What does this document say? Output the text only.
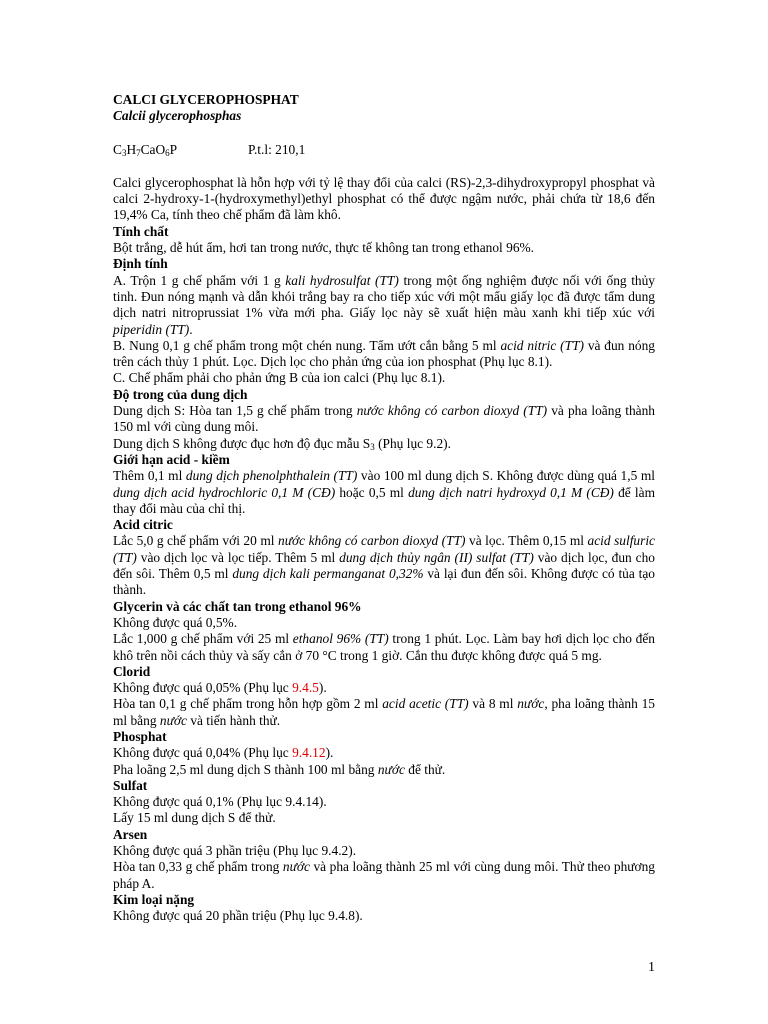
CALCI GLYCEROPHOSPHAT
Calcii glycerophosphas
$C_3H_7CaO_6P$	P.t.l: 210,1

Calci glycerophosphat là hỗn hợp với tỷ lệ thay đổi của calci (RS)-2,3-dihydroxypropyl phosphat và calci 2-hydroxy-1-(hydroxymethyl)ethyl phosphat có thể được ngậm nước, phải chứa từ 18,6 đến 19,4% Ca, tính theo chế phẩm đã làm khô.

Tính chất

Bột trắng, dễ hút ẩm, hơi tan trong nước, thực tế không tan trong ethanol 96%.

Định tính

A. Trộn 1 g chế phẩm với 1 g kali hydrosulfat (TT) trong một ống nghiệm được nối với ống thủy tinh. Đun nóng mạnh và dẫn khói trắng bay ra cho tiếp xúc với một mẩu giấy lọc đã được tẩm dung dịch natri nitroprussiat 1% vừa mới pha. Giấy lọc này sẽ xuất hiện màu xanh khi tiếp xúc với piperidin (TT).

B. Nung 0,1 g chế phẩm trong một chén nung. Tẩm ướt cắn bằng 5 ml acid nitric (TT) và đun nóng trên cách thủy 1 phút. Lọc. Dịch lọc cho phản ứng của ion phosphat (Phụ lục 8.1).

C. Chế phẩm phải cho phản ứng B của ion calci (Phụ lục 8.1).

Độ trong của dung dịch

Dung dịch S: Hòa tan 1,5 g chế phẩm trong nước không có carbon dioxyd (TT) và pha loãng thành 150 ml với cùng dung môi.

Dung dịch S không được đục hơn độ đục mẫu $S_3$ (Phụ lục 9.2).

Giới hạn acid - kiềm

Thêm 0,1 ml dung dịch phenolphthalein (TT) vào 100 ml dung dịch S. Không được dùng quá 1,5 ml dung dịch acid hydrochloric 0,1 M (CĐ) hoặc 0,5 ml dung dịch natri hydroxyd 0,1 M (CĐ) để làm thay đổi màu của chỉ thị.

Acid citric

Lắc 5,0 g chế phẩm với 20 ml nước không có carbon dioxyd (TT) và lọc. Thêm 0,15 ml acid sulfuric (TT) vào dịch lọc và lọc tiếp. Thêm 5 ml dung dịch thủy ngân (II) sulfat (TT) vào dịch lọc, đun cho đến sôi. Thêm 0,5 ml dung dịch kali permanganat 0,32% và lại đun đến sôi. Không được có tủa tạo thành.

Glycerin và các chất tan trong ethanol 96%

Không được quá 0,5%.

Lắc 1,000 g chế phẩm với 25 ml ethanol 96% (TT) trong 1 phút. Lọc. Làm bay hơi dịch lọc cho đến khô trên nồi cách thủy và sấy cắn ở 70 °C trong 1 giờ. Cắn thu được không được quá 5 mg.

Clorid

Không được quá 0,05% (Phụ lục 9.4.5).

Hòa tan 0,1 g chế phẩm trong hỗn hợp gồm 2 ml acid acetic (TT) và 8 ml nước, pha loãng thành 15 ml bằng nước và tiến hành thử.

Phosphat

Không được quá 0,04% (Phụ lục 9.4.12).

Pha loãng 2,5 ml dung dịch S thành 100 ml bằng nước để thử.

Sulfat

Không được quá 0,1% (Phụ lục 9.4.14).

Lấy 15 ml dung dịch S để thử.

Arsen

Không được quá 3 phần triệu (Phụ lục 9.4.2).

Hòa tan 0,33 g chế phẩm trong nước và pha loãng thành 25 ml với cùng dung môi. Thử theo phương pháp A.

Kim loại nặng

Không được quá 20 phần triệu (Phụ lục 9.4.8).

1
